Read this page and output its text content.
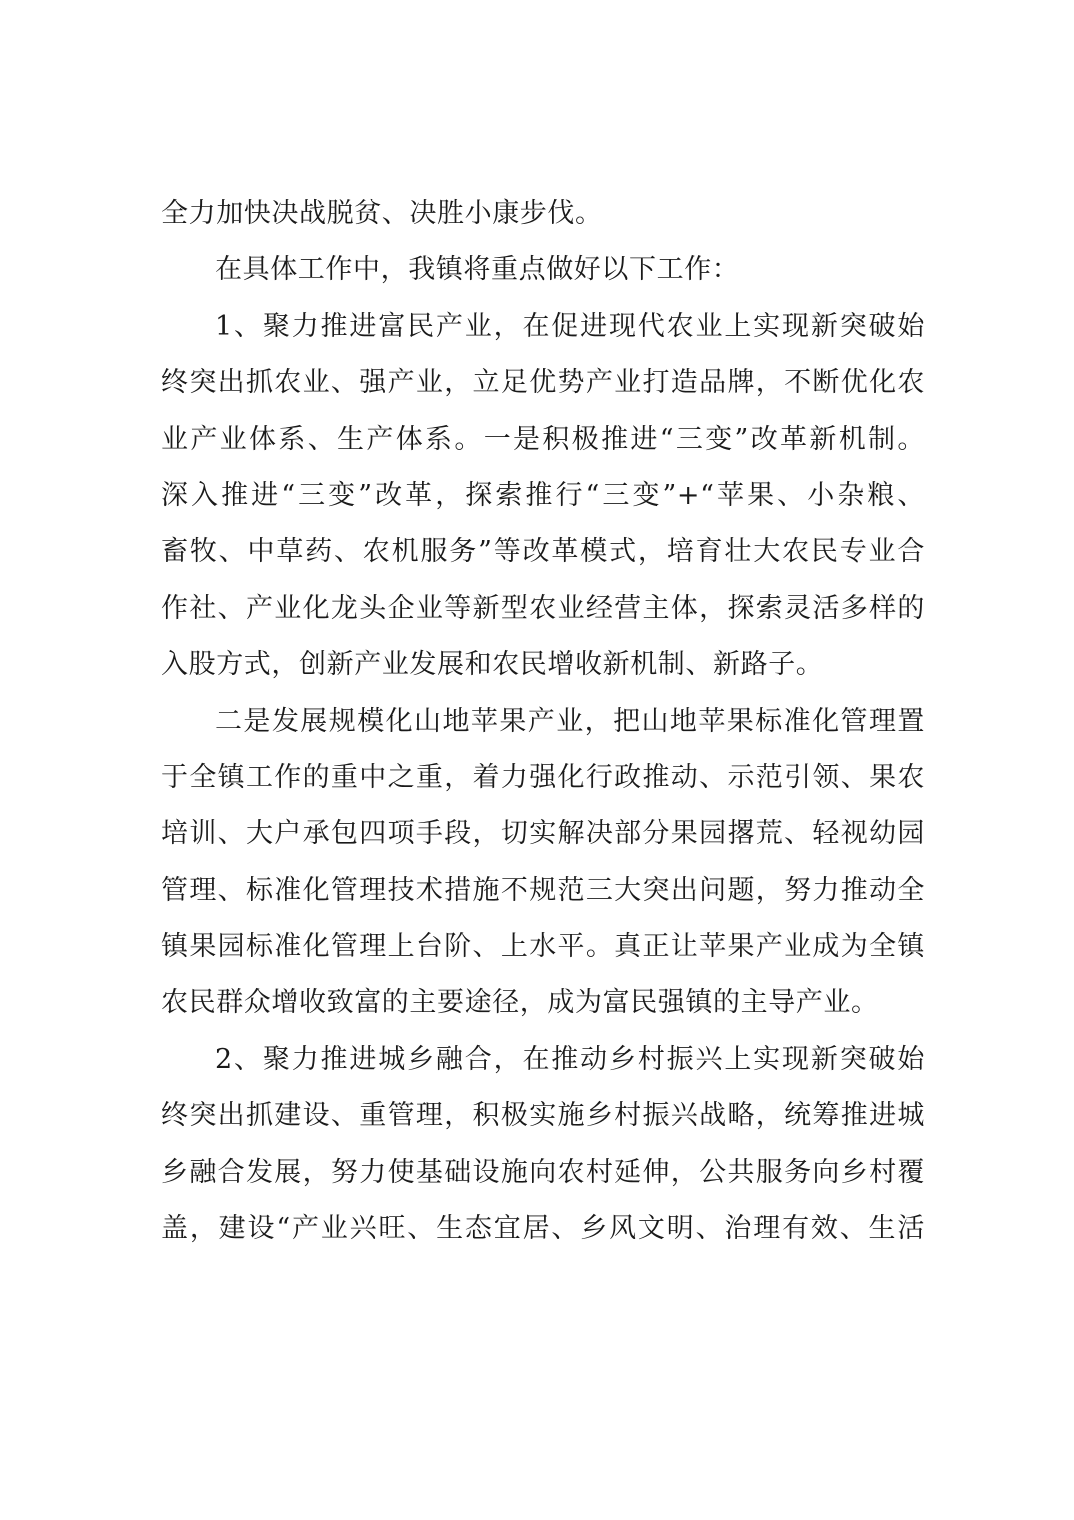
全力加快决战脱贫、决胜小康步伐。
在具体工作中，我镇将重点做好以下工作：
1、聚力推进富民产业，在促进现代农业上实现新突破始
终突出抓农业、强产业，立足优势产业打造品牌，不断优化农
业产业体系、生产体系。一是积极推进“三变”改革新机制。
深入推进“三变”改革，探索推行“三变”+“苹果、小杂粮、
畜牧、中草药、农机服务”等改革模式，培育壮大农民专业合
作社、产业化龙头企业等新型农业经营主体，探索灵活多样的
入股方式，创新产业发展和农民增收新机制、新路子。
二是发展规模化山地苹果产业，把山地苹果标准化管理置
于全镇工作的重中之重，着力强化行政推动、示范引领、果农
培训、大户承包四项手段，切实解决部分果园撂荒、轻视幼园
管理、标准化管理技术措施不规范三大突出问题，努力推动全
镇果园标准化管理上台阶、上水平。真正让苹果产业成为全镇
农民群众增收致富的主要途径，成为富民强镇的主导产业。
2、聚力推进城乡融合，在推动乡村振兴上实现新突破始
终突出抓建设、重管理，积极实施乡村振兴战略，统筹推进城
乡融合发展，努力使基础设施向农村延伸，公共服务向乡村覆
盖，建设“产业兴旺、生态宜居、乡风文明、治理有效、生活
